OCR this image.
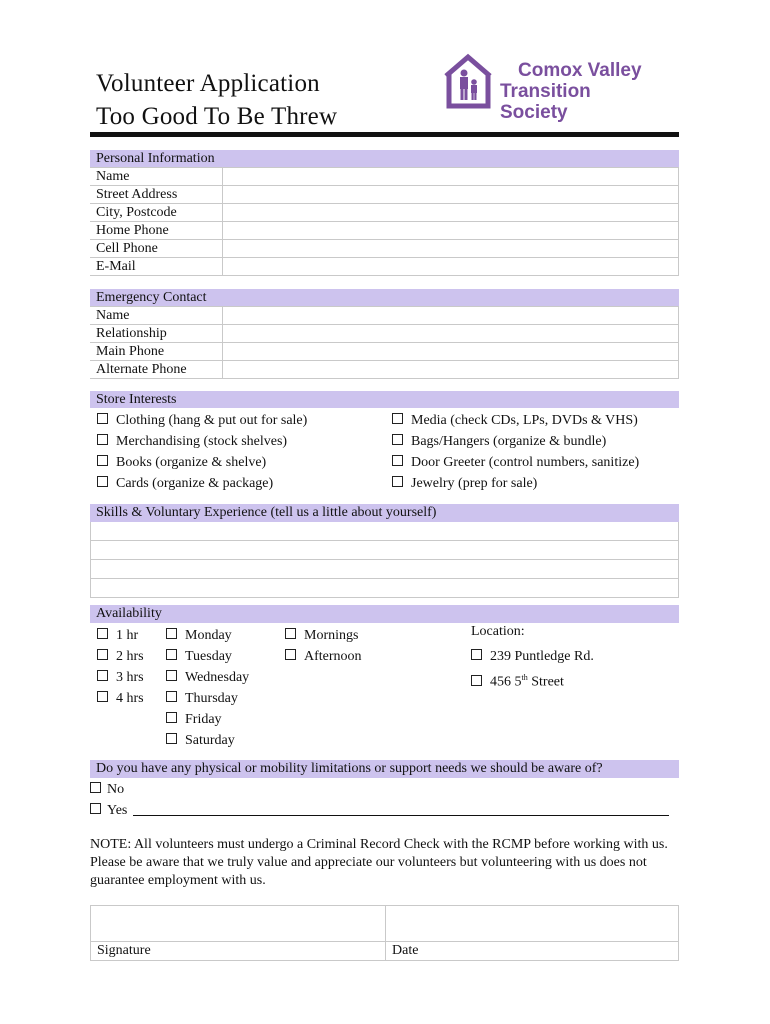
Volunteer Application
Too Good To Be Threw
Comox Valley
Transition Society
Personal Information
Name	
Street Address	
City, Postcode	
Home Phone	
Cell Phone	
E-Mail	
Emergency Contact
Name	
Relationship	
Main Phone	
Alternate Phone	
Store Interests
Clothing (hang & put out for sale)
Merchandising (stock shelves)
Books (organize & shelve)
Cards (organize & package)
Media (check CDs, LPs, DVDs & VHS)
Bags/Hangers (organize & bundle)
Door Greeter (control numbers, sanitize)
Jewelry (prep for sale)
Skills & Voluntary Experience (tell us a little about yourself)
Availability
1 hr
2 hrs
3 hrs
4 hrs
Monday
Tuesday
Wednesday
Thursday
Friday
Saturday
Mornings
Afternoon
Location:
239 Puntledge Rd.
456 5th Street
Do you have any physical or mobility limitations or support needs we should be aware of?
No
Yes
NOTE: All volunteers must undergo a Criminal Record Check with the RCMP before working with us. Please be aware that we truly value and appreciate our volunteers but volunteering with us does not guarantee employment with us.

Signature	Date
